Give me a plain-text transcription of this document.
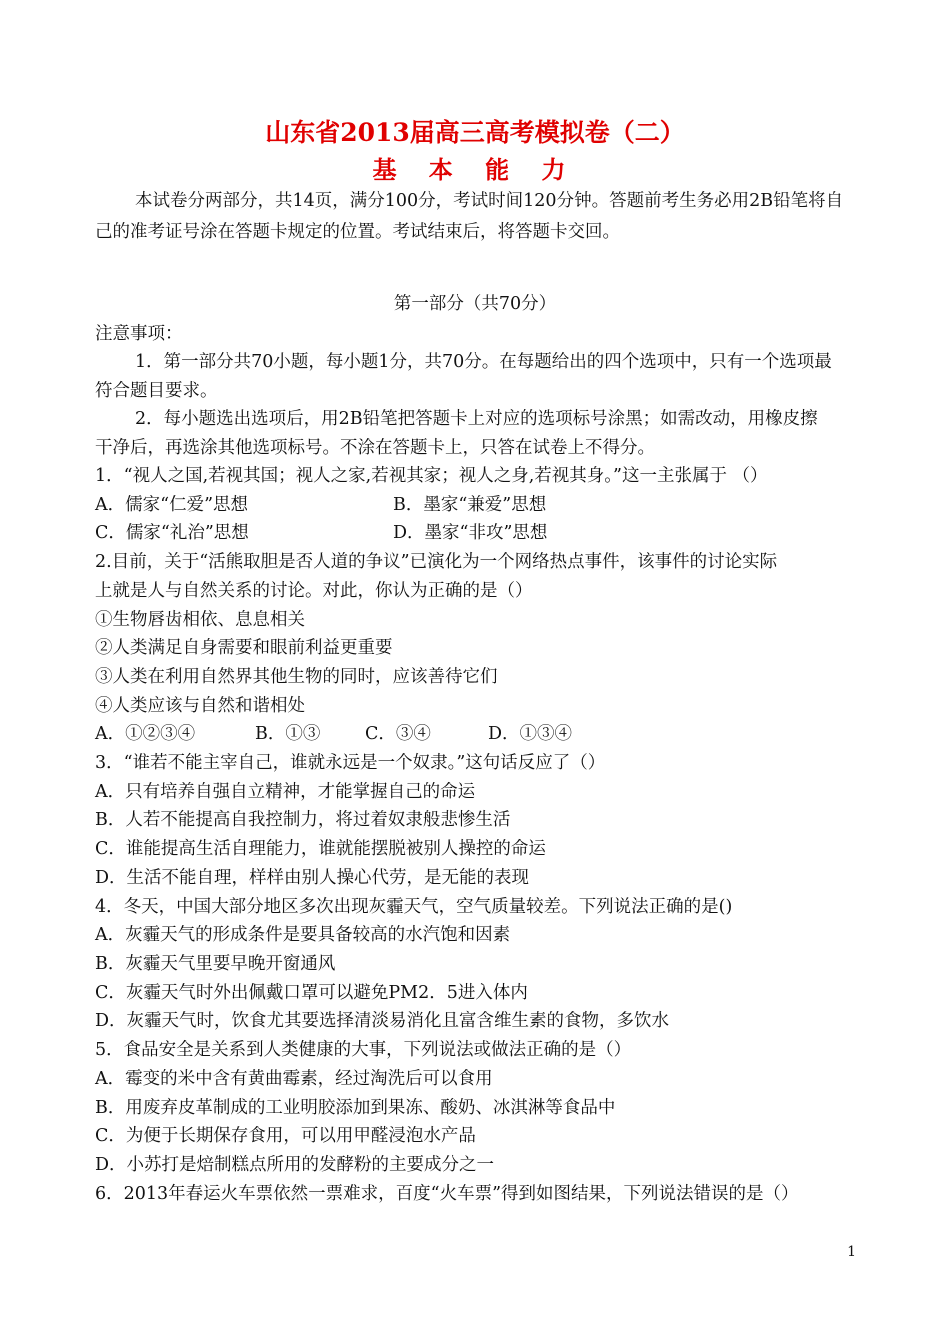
山东省2013届高三高考模拟卷（二）
基 本 能 力
本试卷分两部分，共14页，满分100分，考试时间120分钟。答题前考生务必用2B铅笔将自
己的准考证号涂在答题卡规定的位置。考试结束后，将答题卡交回。
第一部分（共70分）
注意事项：
1．第一部分共70小题，每小题1分，共70分。在每题给出的四个选项中，只有一个选项最
符合题目要求。
2．每小题选出选项后，用2B铅笔把答题卡上对应的选项标号涂黑；如需改动，用橡皮擦
干净后，再选涂其他选项标号。不涂在答题卡上，只答在试卷上不得分。
1．“视人之国,若视其国；视人之家,若视其家；视人之身,若视其身。”这一主张属于 （）
A．儒家“仁爱”思想	B．墨家“兼爱”思想
C．儒家“礼治”思想	D．墨家“非攻”思想
2.目前，关于“活熊取胆是否人道的争议”已演化为一个网络热点事件，该事件的讨论实际
上就是人与自然关系的讨论。对此，你认为正确的是（）
①生物唇齿相依、息息相关
②人类满足自身需要和眼前利益更重要
③人类在利用自然界其他生物的同时，应该善待它们
④人类应该与自然和谐相处
A．①②③④	B．①③	C．③④	D．①③④
3．“谁若不能主宰自己，谁就永远是一个奴隶。”这句话反应了（）
A．只有培养自强自立精神，才能掌握自己的命运
B．人若不能提高自我控制力，将过着奴隶般悲惨生活
C．谁能提高生活自理能力，谁就能摆脱被别人操控的命运
D．生活不能自理，样样由别人操心代劳，是无能的表现
4．冬天，中国大部分地区多次出现灰霾天气，空气质量较差。下列说法正确的是()
A．灰霾天气的形成条件是要具备较高的水汽饱和因素
B．灰霾天气里要早晚开窗通风
C．灰霾天气时外出佩戴口罩可以避免PM2．5进入体内
D．灰霾天气时，饮食尤其要选择清淡易消化且富含维生素的食物，多饮水
5．食品安全是关系到人类健康的大事，下列说法或做法正确的是（）
A．霉变的米中含有黄曲霉素，经过淘洗后可以食用
B．用废弃皮革制成的工业明胶添加到果冻、酸奶、冰淇淋等食品中
C．为便于长期保存食用，可以用甲醛浸泡水产品
D．小苏打是焙制糕点所用的发酵粉的主要成分之一
6．2013年春运火车票依然一票难求，百度“火车票”得到如图结果，下列说法错误的是（）
1
